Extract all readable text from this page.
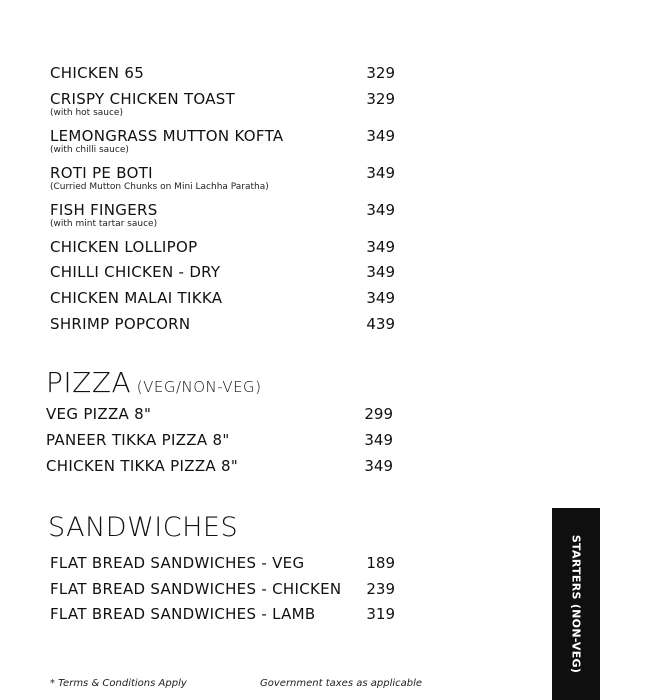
CHICKEN 65	329
CRISPY CHICKEN TOAST	329
(with hot sauce)
LEMONGRASS MUTTON KOFTA	349
(with chilli sauce)
ROTI PE BOTI	349
(Curried Mutton Chunks on Mini Lachha Paratha)
FISH FINGERS	349
(with mint tartar sauce)
CHICKEN LOLLIPOP	349
CHILLI CHICKEN - DRY	349
CHICKEN MALAI TIKKA	349
SHRIMP POPCORN	439
PIZZA (VEG/NON-VEG)
VEG PIZZA 8"	299
PANEER TIKKA PIZZA 8"	349
CHICKEN TIKKA PIZZA 8"	349
SANDWICHES
FLAT BREAD SANDWICHES - VEG	189
FLAT BREAD SANDWICHES - CHICKEN 239
FLAT BREAD SANDWICHES - LAMB	319	STARTERS (NON-VEG)
* Terms & Conditions Apply	Government taxes as applicable
